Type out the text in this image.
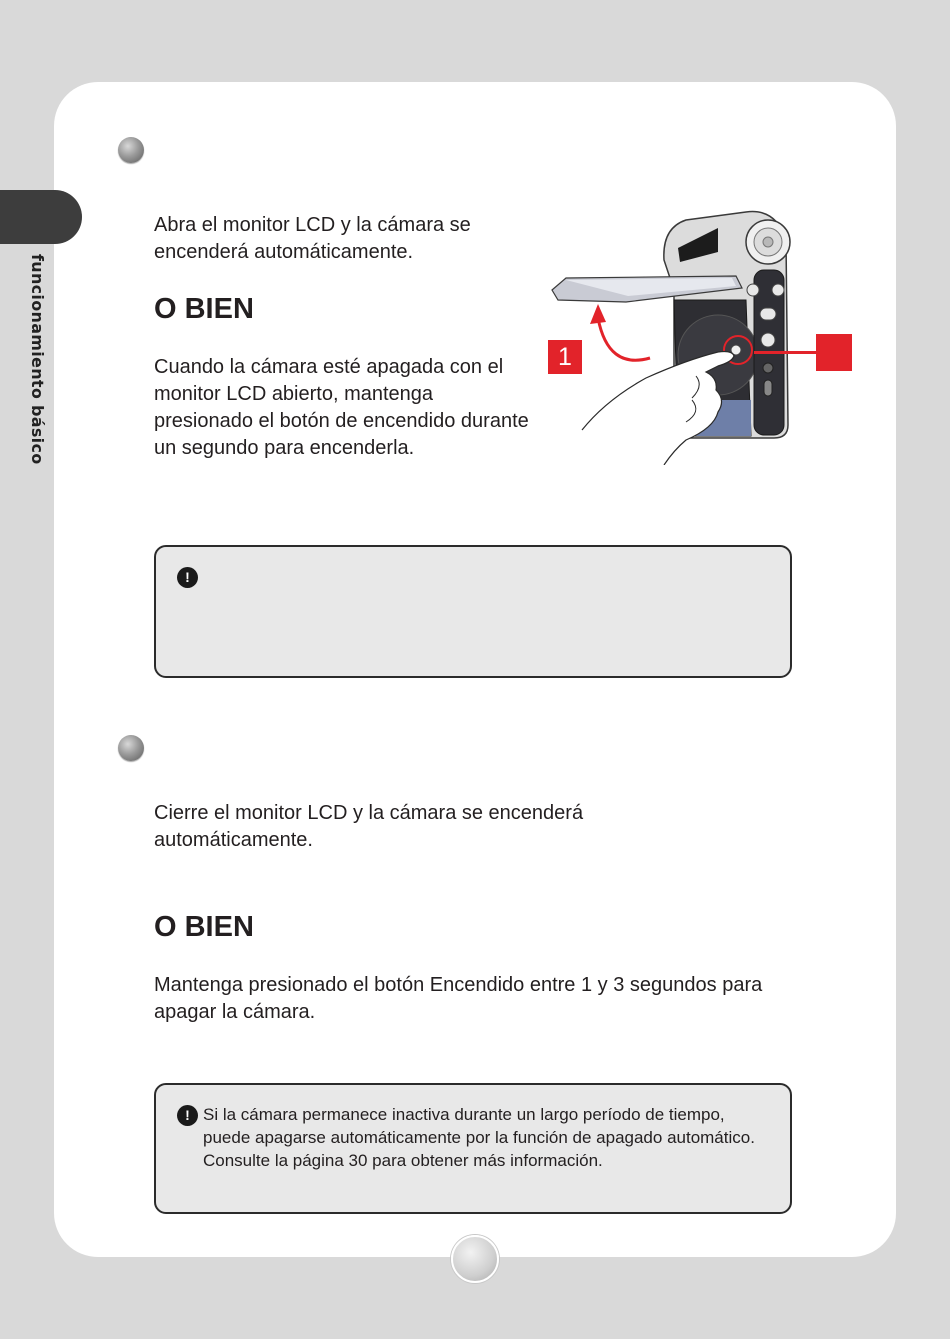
funcionamiento básico

Abra el monitor LCD y la cámara se encenderá automáticamente.

O BIEN

Cuando la cámara esté apagada con el monitor LCD abierto, mantenga presionado el botón de encendido durante un segundo para encenderla.

1
!

Cierre el monitor LCD y la cámara se encenderá automáticamente.

O BIEN

Mantenga presionado el botón Encendido entre 1 y 3 segundos para apagar la cámara.

! Si la cámara permanece inactiva durante un largo período de tiempo, puede apagarse automáticamente por la función de apagado automático. Consulte la página 30 para obtener más información.
